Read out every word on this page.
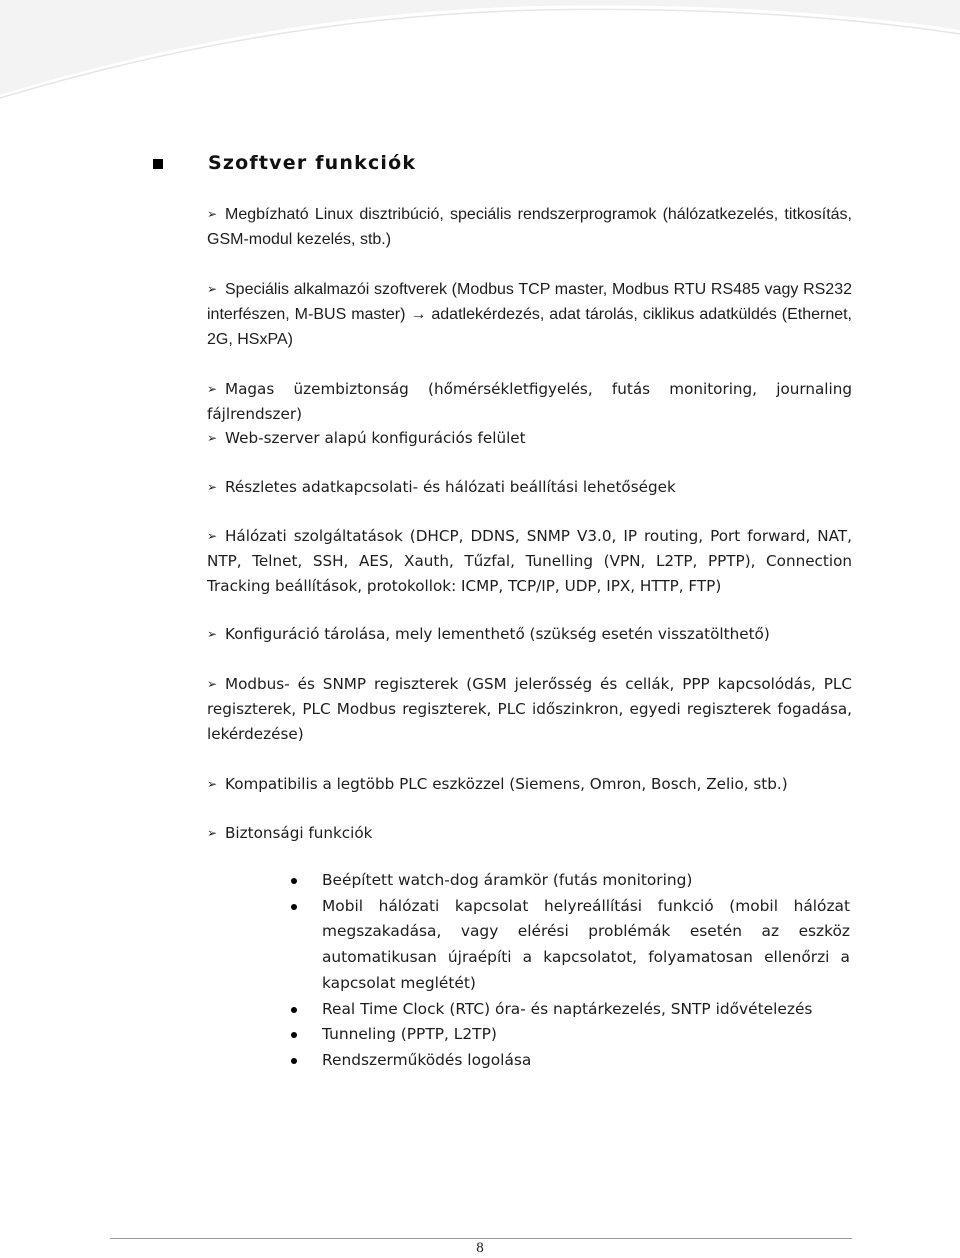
Szoftver funkciók
➢ Megbízható Linux disztribúció, speciális rendszerprogramok (hálózatkezelés, titkosítás, GSM-modul kezelés, stb.)
➢ Speciális alkalmazói szoftverek (Modbus TCP master, Modbus RTU RS485 vagy RS232 interfészen, M-BUS master) → adatlekérdezés, adat tárolás, ciklikus adatküldés (Ethernet, 2G, HSxPA)
➢ Magas üzembiztonság (hőmérsékletfigyelés, futás monitoring, journaling fájlrendszer)
➢ Web-szerver alapú konfigurációs felület
➢ Részletes adatkapcsolati- és hálózati beállítási lehetőségek
➢ Hálózati szolgáltatások (DHCP, DDNS, SNMP V3.0, IP routing, Port forward, NAT, NTP, Telnet, SSH, AES, Xauth, Tűzfal, Tunelling (VPN, L2TP, PPTP), Connection Tracking beállítások, protokollok: ICMP, TCP/IP, UDP, IPX, HTTP, FTP)
➢ Konfiguráció tárolása, mely lementhető (szükség esetén visszatölthető)
➢ Modbus- és SNMP regiszterek (GSM jelerősség és cellák, PPP kapcsolódás, PLC regiszterek, PLC Modbus regiszterek, PLC időszinkron, egyedi regiszterek fogadása, lekérdezése)
➢ Kompatibilis a legtöbb PLC eszközzel (Siemens, Omron, Bosch, Zelio, stb.)
➢ Biztonsági funkciók
Beépített watch-dog áramkör (futás monitoring)
Mobil hálózati kapcsolat helyreállítási funkció (mobil hálózat megszakadása, vagy elérési problémák esetén az eszköz automatikusan újraépíti a kapcsolatot, folyamatosan ellenőrzi a kapcsolat meglétét)
Real Time Clock (RTC) óra- és naptárkezelés, SNTP idővételezés
Tunneling (PPTP, L2TP)
Rendszerműködés logolása
8
